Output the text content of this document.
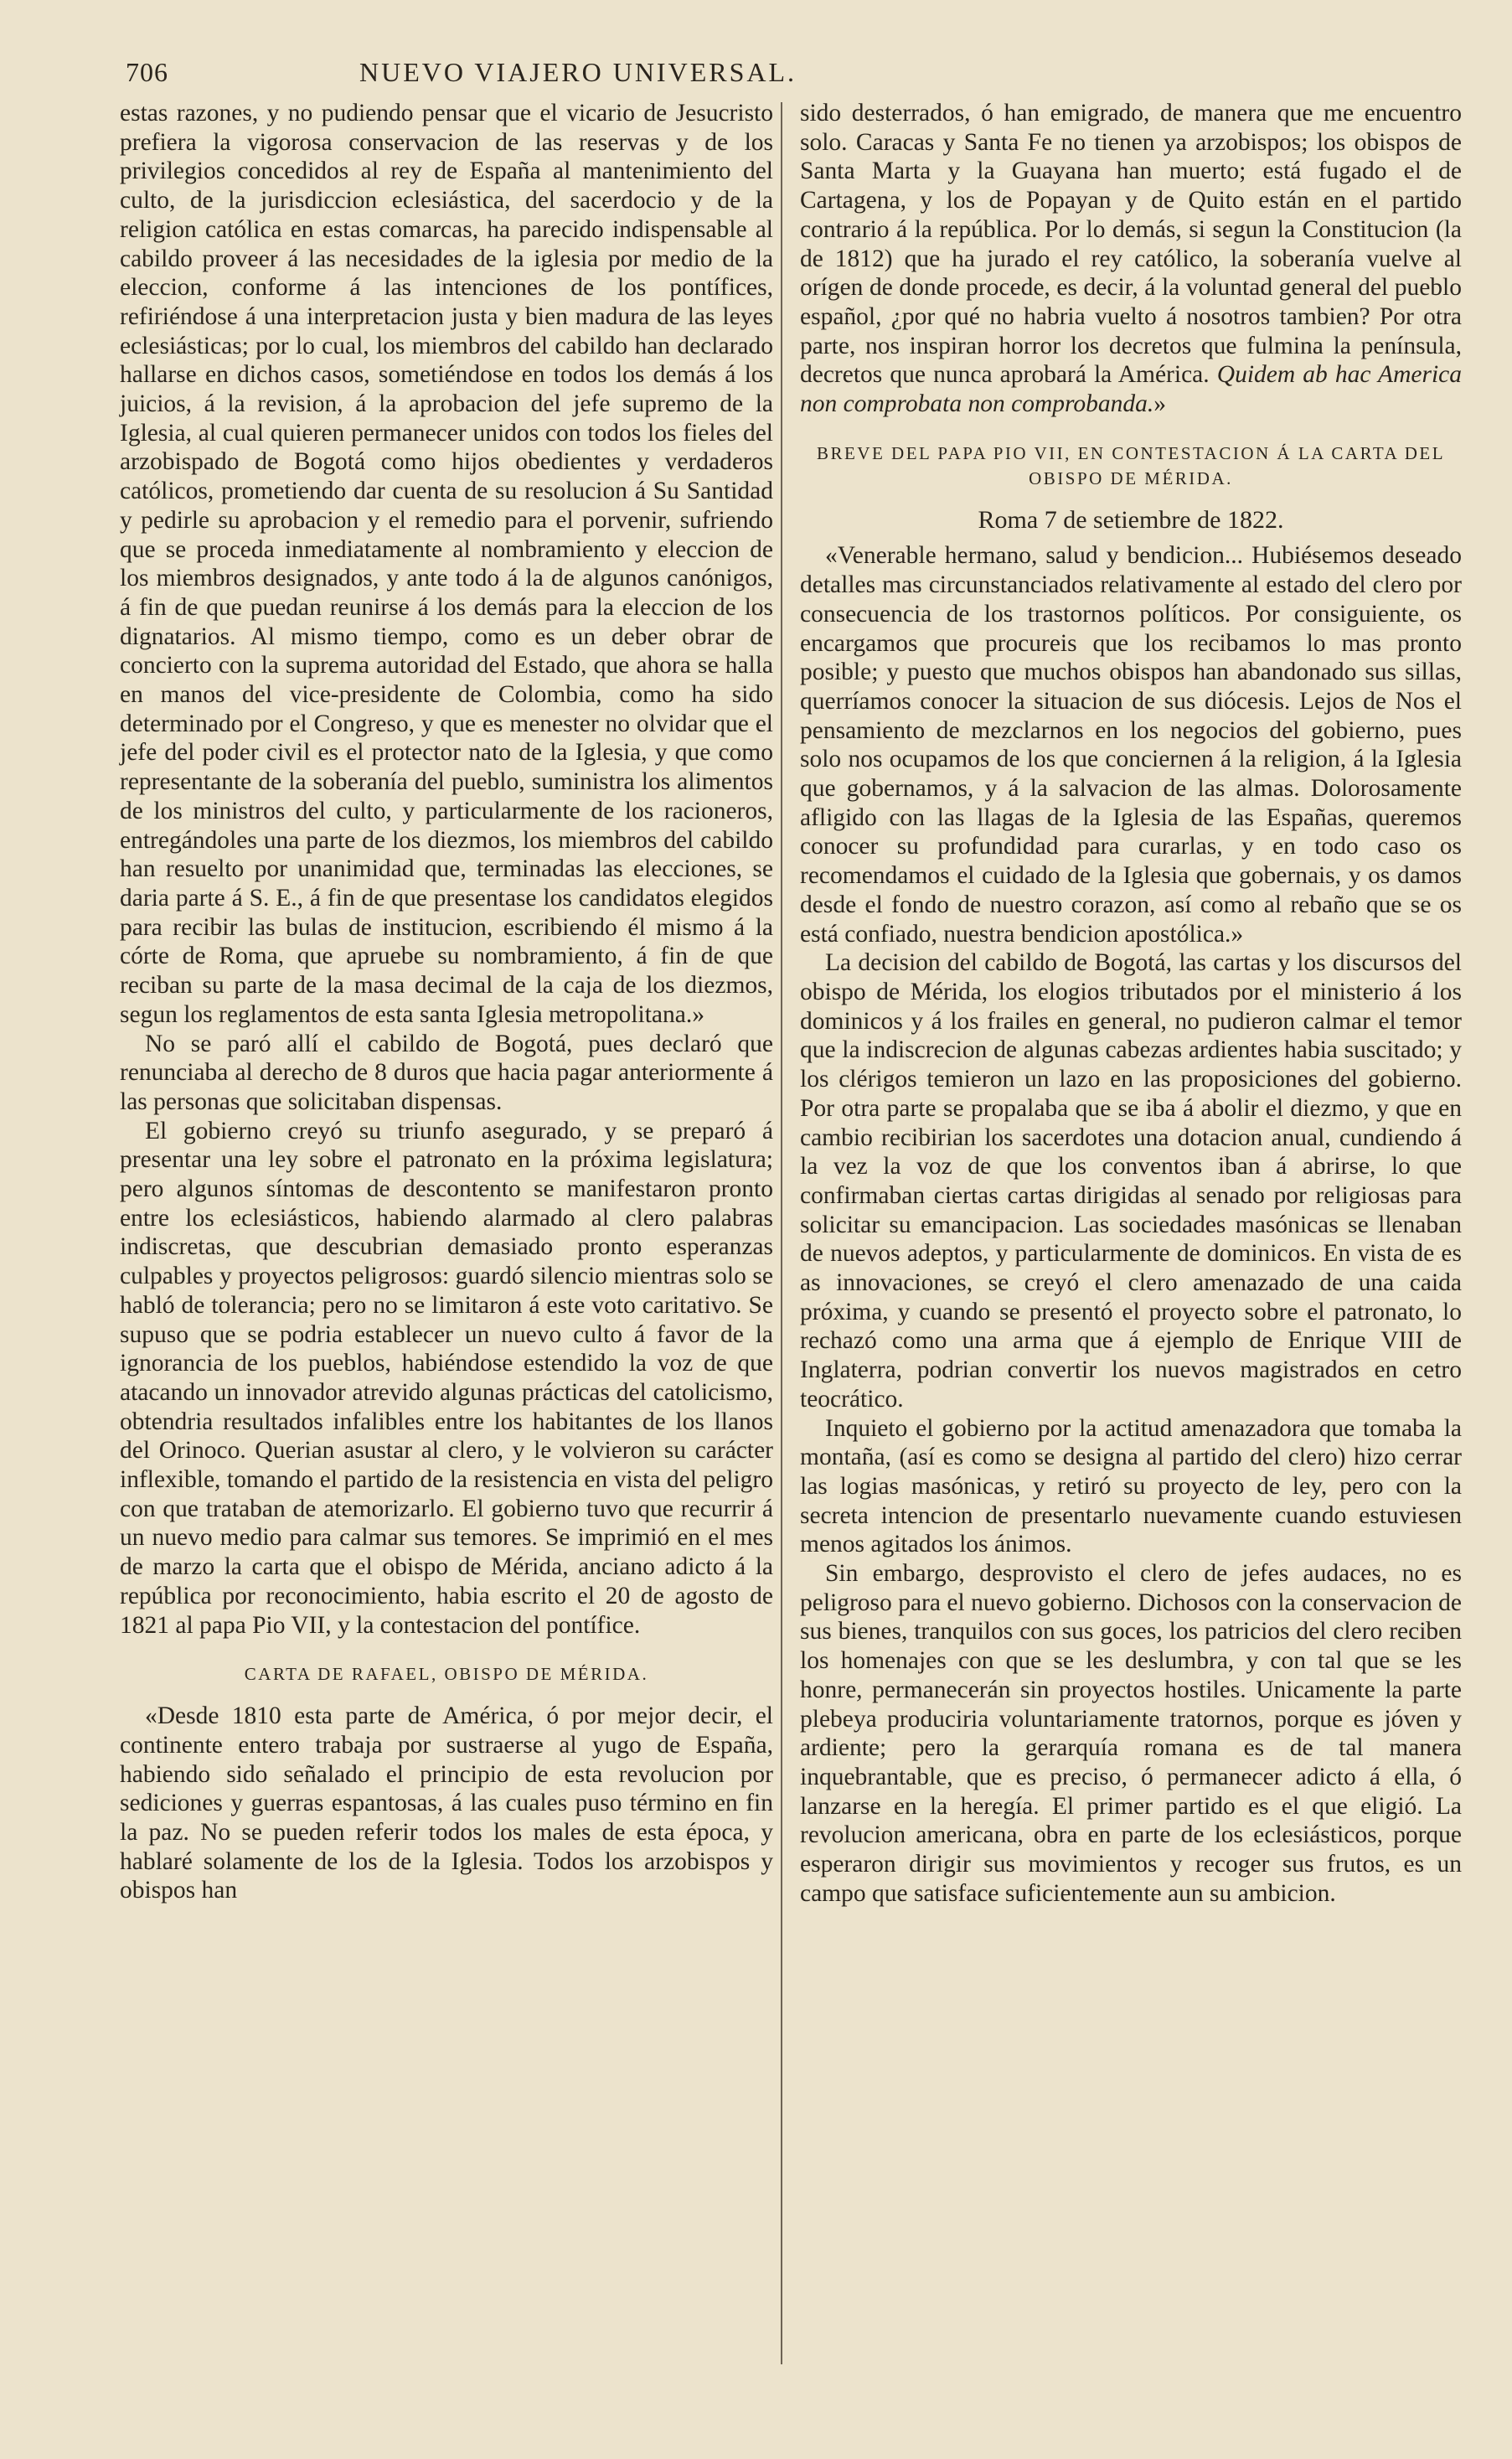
706	NUEVO VIAJERO UNIVERSAL.

estas razones, y no pudiendo pensar que el vicario de Jesucristo prefiera la vigorosa conservacion de las reservas y de los privilegios concedidos al rey de España al mantenimiento del culto, de la jurisdiccion eclesiástica, del sacerdocio y de la religion católica en estas comarcas, ha parecido indispensable al cabildo proveer á las necesidades de la iglesia por medio de la eleccion, conforme á las intenciones de los pontífices, refiriéndose á una interpretacion justa y bien madura de las leyes eclesiásticas; por lo cual, los miembros del cabildo han declarado hallarse en dichos casos, sometiéndose en todos los demás á los juicios, á la revision, á la aprobacion del jefe supremo de la Iglesia, al cual quieren permanecer unidos con todos los fieles del arzobispado de Bogotá como hijos obedientes y verdaderos católicos, prometiendo dar cuenta de su resolucion á Su Santidad y pedirle su aprobacion y el remedio para el porvenir, sufriendo que se proceda inmediatamente al nombramiento y eleccion de los miembros designados, y ante todo á la de algunos canónigos, á fin de que puedan reunirse á los demás para la eleccion de los dignatarios. Al mismo tiempo, como es un deber obrar de concierto con la suprema autoridad del Estado, que ahora se halla en manos del vice-presidente de Colombia, como ha sido determinado por el Congreso, y que es menester no olvidar que el jefe del poder civil es el protector nato de la Iglesia, y que como representante de la soberanía del pueblo, suministra los alimentos de los ministros del culto, y particularmente de los racioneros, entregándoles una parte de los diezmos, los miembros del cabildo han resuelto por unanimidad que, terminadas las elecciones, se daria parte á S. E., á fin de que presentase los candidatos elegidos para recibir las bulas de institucion, escribiendo él mismo á la córte de Roma, que apruebe su nombramiento, á fin de que reciban su parte de la masa decimal de la caja de los diezmos, segun los reglamentos de esta santa Iglesia metropolitana.»

No se paró allí el cabildo de Bogotá, pues declaró que renunciaba al derecho de 8 duros que hacia pagar anteriormente á las personas que solicitaban dispensas.

El gobierno creyó su triunfo asegurado, y se preparó á presentar una ley sobre el patronato en la próxima legislatura; pero algunos síntomas de descontento se manifestaron pronto entre los eclesiásticos, habiendo alarmado al clero palabras indiscretas, que descubrian demasiado pronto esperanzas culpables y proyectos peligrosos: guardó silencio mientras solo se habló de tolerancia; pero no se limitaron á este voto caritativo. Se supuso que se podria establecer un nuevo culto á favor de la ignorancia de los pueblos, habiéndose estendido la voz de que atacando un innovador atrevido algunas prácticas del catolicismo, obtendria resultados infalibles entre los habitantes de los llanos del Orinoco. Querian asustar al clero, y le volvieron su carácter inflexible, tomando el partido de la resistencia en vista del peligro con que trataban de atemorizarlo. El gobierno tuvo que recurrir á un nuevo medio para calmar sus temores. Se imprimió en el mes de marzo la carta que el obispo de Mérida, anciano adicto á la república por reconocimiento, habia escrito el 20 de agosto de 1821 al papa Pio VII, y la contestacion del pontífice.

CARTA DE RAFAEL, OBISPO DE MÉRIDA.

«Desde 1810 esta parte de América, ó por mejor decir, el continente entero trabaja por sustraerse al yugo de España, habiendo sido señalado el principio de esta revolucion por sediciones y guerras espantosas, á las cuales puso término en fin la paz. No se pueden referir todos los males de esta época, y hablaré solamente de los de la Iglesia. Todos los arzobispos y obispos han

sido desterrados, ó han emigrado, de manera que me encuentro solo. Caracas y Santa Fe no tienen ya arzobispos; los obispos de Santa Marta y la Guayana han muerto; está fugado el de Cartagena, y los de Popayan y de Quito están en el partido contrario á la república. Por lo demás, si segun la Constitucion (la de 1812) que ha jurado el rey católico, la soberanía vuelve al orígen de donde procede, es decir, á la voluntad general del pueblo español, ¿por qué no habria vuelto á nosotros tambien? Por otra parte, nos inspiran horror los decretos que fulmina la península, decretos que nunca aprobará la América. Quidem ab hac America non comprobata non comprobanda.»

BREVE DEL PAPA PIO VII, EN CONTESTACION Á LA CARTA DEL OBISPO DE MÉRIDA.

Roma 7 de setiembre de 1822.

«Venerable hermano, salud y bendicion... Hubiésemos deseado detalles mas circunstanciados relativamente al estado del clero por consecuencia de los trastornos políticos. Por consiguiente, os encargamos que procureis que los recibamos lo mas pronto posible; y puesto que muchos obispos han abandonado sus sillas, querríamos conocer la situacion de sus diócesis. Lejos de Nos el pensamiento de mezclarnos en los negocios del gobierno, pues solo nos ocupamos de los que conciernen á la religion, á la Iglesia que gobernamos, y á la salvacion de las almas. Dolorosamente afligido con las llagas de la Iglesia de las Españas, queremos conocer su profundidad para curarlas, y en todo caso os recomendamos el cuidado de la Iglesia que gobernais, y os damos desde el fondo de nuestro corazon, así como al rebaño que se os está confiado, nuestra bendicion apostólica.»

La decision del cabildo de Bogotá, las cartas y los discursos del obispo de Mérida, los elogios tributados por el ministerio á los dominicos y á los frailes en general, no pudieron calmar el temor que la indiscrecion de algunas cabezas ardientes habia suscitado; y los clérigos temieron un lazo en las proposiciones del gobierno. Por otra parte se propalaba que se iba á abolir el diezmo, y que en cambio recibirian los sacerdotes una dotacion anual, cundiendo á la vez la voz de que los conventos iban á abrirse, lo que confirmaban ciertas cartas dirigidas al senado por religiosas para solicitar su emancipacion. Las sociedades masónicas se llenaban de nuevos adeptos, y particularmente de dominicos. En vista de es as innovaciones, se creyó el clero amenazado de una caida próxima, y cuando se presentó el proyecto sobre el patronato, lo rechazó como una arma que á ejemplo de Enrique VIII de Inglaterra, podrian convertir los nuevos magistrados en cetro teocrático.

Inquieto el gobierno por la actitud amenazadora que tomaba la montaña, (así es como se designa al partido del clero) hizo cerrar las logias masónicas, y retiró su proyecto de ley, pero con la secreta intencion de presentarlo nuevamente cuando estuviesen menos agitados los ánimos.

Sin embargo, desprovisto el clero de jefes audaces, no es peligroso para el nuevo gobierno. Dichosos con la conservacion de sus bienes, tranquilos con sus goces, los patricios del clero reciben los homenajes con que se les deslumbra, y con tal que se les honre, permanecerán sin proyectos hostiles. Unicamente la parte plebeya produciria voluntariamente tratornos, porque es jóven y ardiente; pero la gerarquía romana es de tal manera inquebrantable, que es preciso, ó permanecer adicto á ella, ó lanzarse en la heregía. El primer partido es el que eligió. La revolucion americana, obra en parte de los eclesiásticos, porque esperaron dirigir sus movimientos y recoger sus frutos, es un campo que satisface suficientemente aun su ambicion.
